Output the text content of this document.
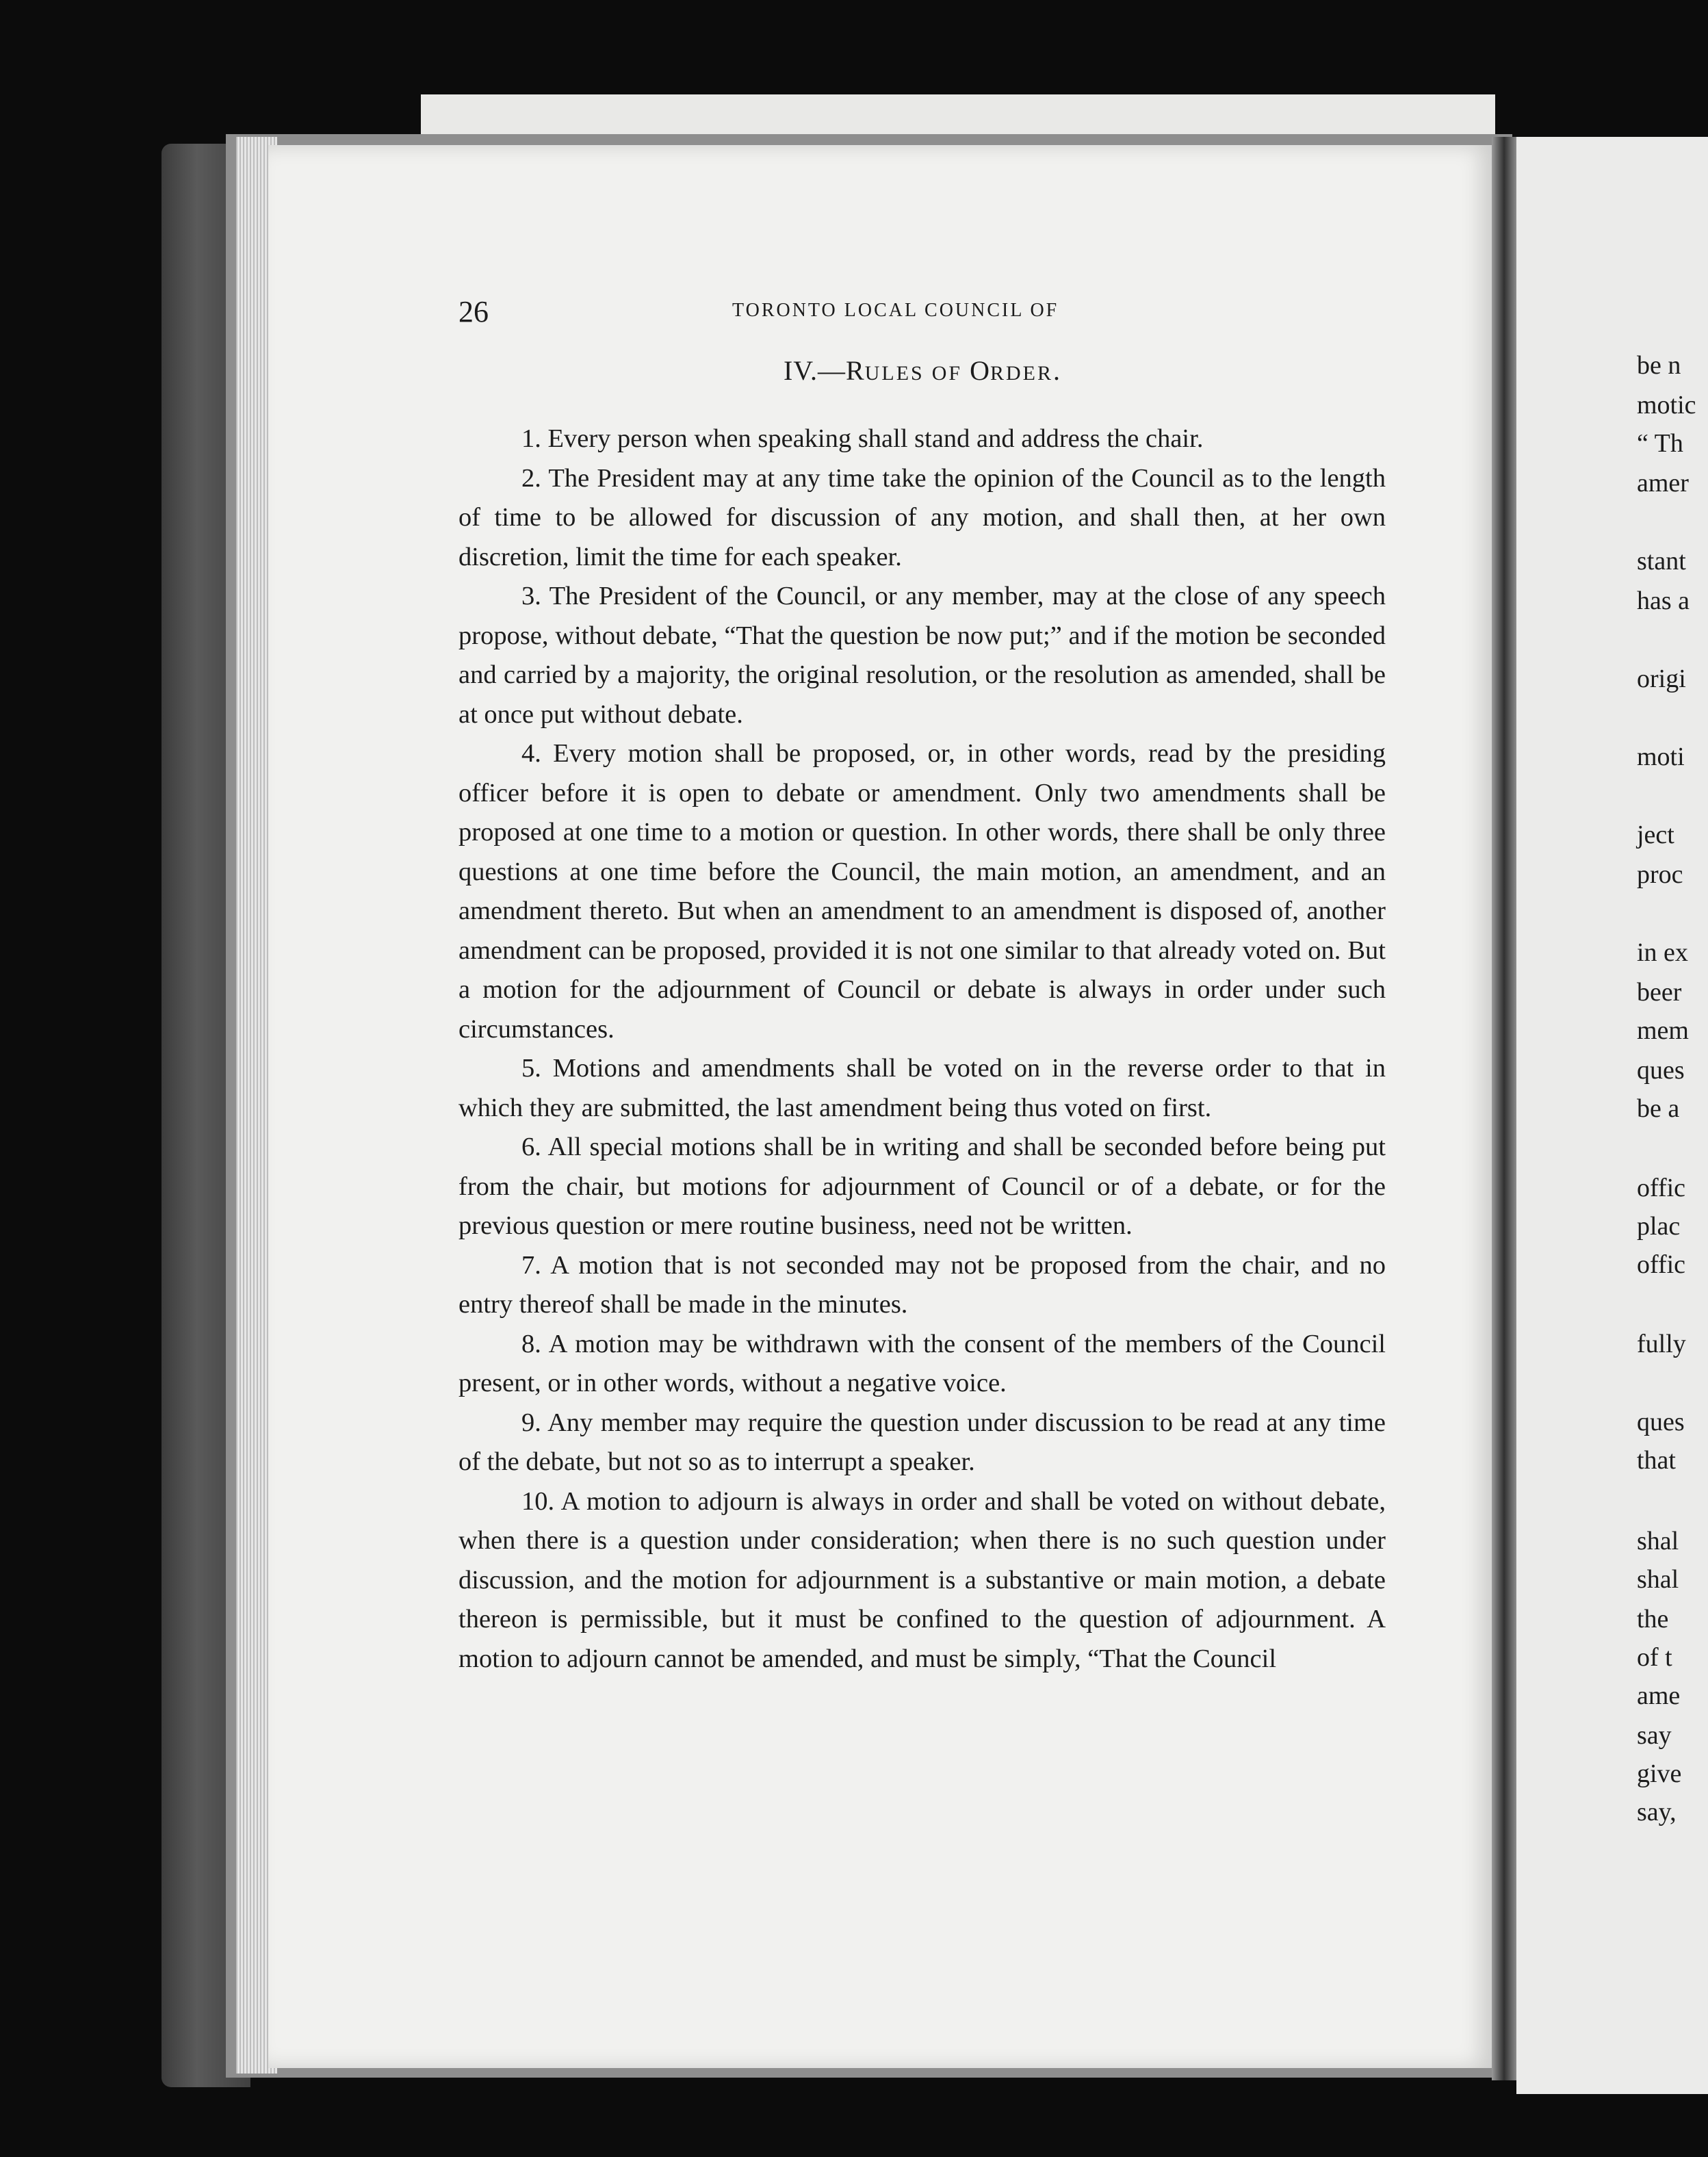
be n
motic
“ Th
amer
stant
has a
origi
moti
ject
proc
in ex
beer
mem
ques
be a
offic
plac
offic
fully
ques
that
shal
shal
the
of t
ame
say
give
say,
26	TORONTO LOCAL COUNCIL OF
IV.—RULES OF ORDER.

1. Every person when speaking shall stand and address the chair.

2. The President may at any time take the opinion of the Council as to the length of time to be allowed for discussion of any motion, and shall then, at her own discretion, limit the time for each speaker.

3. The President of the Council, or any member, may at the close of any speech propose, without debate, “That the question be now put;” and if the motion be seconded and carried by a majority, the original resolution, or the resolution as amended, shall be at once put without debate.

4. Every motion shall be proposed, or, in other words, read by the presiding officer before it is open to debate or amendment. Only two amendments shall be proposed at one time to a motion or question. In other words, there shall be only three questions at one time before the Council, the main motion, an amendment, and an amendment thereto. But when an amendment to an amendment is disposed of, another amendment can be proposed, provided it is not one similar to that already voted on. But a motion for the adjournment of Council or debate is always in order under such circumstances.

5. Motions and amendments shall be voted on in the reverse order to that in which they are submitted, the last amendment being thus voted on first.

6. All special motions shall be in writing and shall be seconded before being put from the chair, but motions for adjournment of Council or of a debate, or for the previous question or mere routine business, need not be written.

7. A motion that is not seconded may not be proposed from the chair, and no entry thereof shall be made in the minutes.

8. A motion may be withdrawn with the consent of the members of the Council present, or in other words, without a negative voice.

9. Any member may require the question under discussion to be read at any time of the debate, but not so as to interrupt a speaker.

10. A motion to adjourn is always in order and shall be voted on without debate, when there is a question under consideration; when there is no such question under discussion, and the motion for adjournment is a substantive or main motion, a debate thereon is permissible, but it must be confined to the question of adjournment. A motion to adjourn cannot be amended, and must be simply, “That the Council
